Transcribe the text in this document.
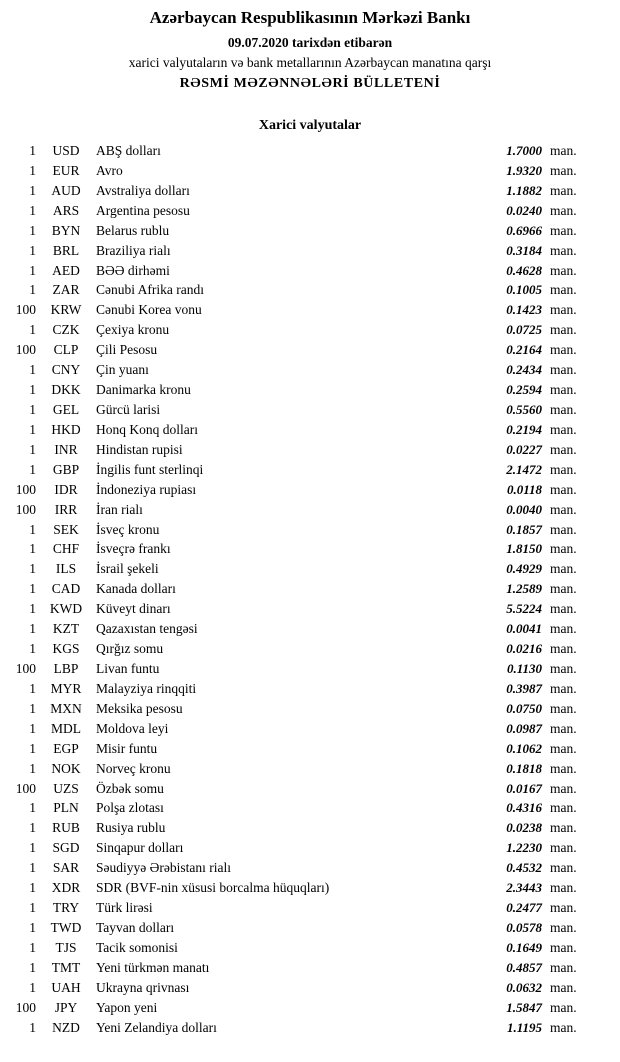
Azərbaycan Respublikasının Mərkəzi Bankı
09.07.2020 tarixdən etibarən
xarici valyutaların və bank metallarının Azərbaycan manatına qarşı
RƏSMİ MƏZƏNNƏLƏRİ BÜLLETENİ
Xarici valyutalar
1	USD	ABŞ dolları	1.7000 man.
1	EUR	Avro	1.9320 man.
1	AUD	Avstraliya dolları	1.1882 man.
1	ARS	Argentina pesosu	0.0240 man.
1	BYN	Belarus rublu	0.6966 man.
1	BRL	Braziliya rialı	0.3184 man.
1	AED	BƏƏ dirhəmi	0.4628 man.
1	ZAR	Cənubi Afrika randı	0.1005 man.
100	KRW	Cənubi Korea vonu	0.1423 man.
1	CZK	Çexiya kronu	0.0725 man.
100	CLP	Çili Pesosu	0.2164 man.
1	CNY	Çin yuanı	0.2434 man.
1	DKK	Danimarka kronu	0.2594 man.
1	GEL	Gürcü larisi	0.5560 man.
1	HKD	Honq Konq dolları	0.2194 man.
1	INR	Hindistan rupisi	0.0227 man.
1	GBP	İngilis funt sterlinqi	2.1472 man.
100	IDR	İndoneziya rupiası	0.0118 man.
100	IRR	İran rialı	0.0040 man.
1	SEK	İsveç kronu	0.1857 man.
1	CHF	İsveçrə frankı	1.8150 man.
1	ILS	İsrail şekeli	0.4929 man.
1	CAD	Kanada dolları	1.2589 man.
1	KWD	Küveyt dinarı	5.5224 man.
1	KZT	Qazaxıstan tengəsi	0.0041 man.
1	KGS	Qırğız somu	0.0216 man.
100	LBP	Livan funtu	0.1130 man.
1	MYR	Malayziya rinqqiti	0.3987 man.
1	MXN	Meksika pesosu	0.0750 man.
1	MDL	Moldova leyi	0.0987 man.
1	EGP	Misir funtu	0.1062 man.
1	NOK	Norveç kronu	0.1818 man.
100	UZS	Özbək somu	0.0167 man.
1	PLN	Polşa zlotası	0.4316 man.
1	RUB	Rusiya rublu	0.0238 man.
1	SGD	Sinqapur dolları	1.2230 man.
1	SAR	Səudiyyə Ərəbistanı rialı	0.4532 man.
1	XDR	SDR (BVF-nin xüsusi borcalma hüquqları)	2.3443 man.
1	TRY	Türk lirəsi	0.2477 man.
1	TWD	Tayvan dolları	0.0578 man.
1	TJS	Tacik somonisi	0.1649 man.
1	TMT	Yeni türkmən manatı	0.4857 man.
1	UAH	Ukrayna qrivnası	0.0632 man.
100	JPY	Yapon yeni	1.5847 man.
1	NZD	Yeni Zelandiya dolları	1.1195 man.
